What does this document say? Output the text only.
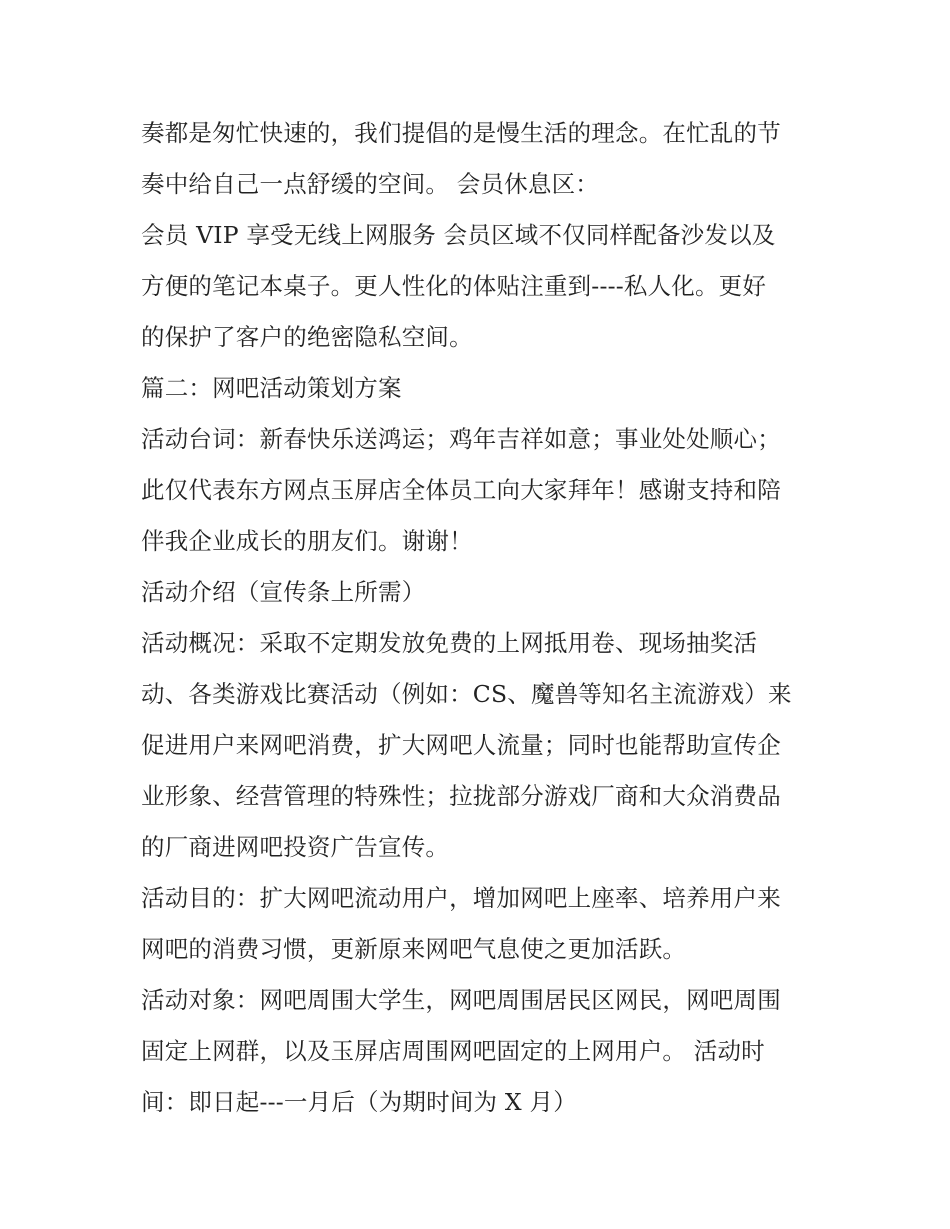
奏都是匆忙快速的，我们提倡的是慢生活的理念。在忙乱的节
奏中给自己一点舒缓的空间。 会员休息区：
会员 VIP 享受无线上网服务 会员区域不仅同样配备沙发以及
方便的笔记本桌子。更人性化的体贴注重到----私人化。更好
的保护了客户的绝密隐私空间。
篇二：网吧活动策划方案
活动台词：新春快乐送鸿运；鸡年吉祥如意；事业处处顺心；
此仅代表东方网点玉屏店全体员工向大家拜年！感谢支持和陪
伴我企业成长的朋友们。谢谢！
活动介绍（宣传条上所需）
活动概况：采取不定期发放免费的上网抵用卷、现场抽奖活
动、各类游戏比赛活动（例如：CS、魔兽等知名主流游戏）来
促进用户来网吧消费，扩大网吧人流量；同时也能帮助宣传企
业形象、经营管理的特殊性；拉拢部分游戏厂商和大众消费品
的厂商进网吧投资广告宣传。
活动目的：扩大网吧流动用户，增加网吧上座率、培养用户来
网吧的消费习惯，更新原来网吧气息使之更加活跃。
活动对象：网吧周围大学生，网吧周围居民区网民，网吧周围
固定上网群，以及玉屏店周围网吧固定的上网用户。 活动时
间：即日起---一月后（为期时间为 X 月）
